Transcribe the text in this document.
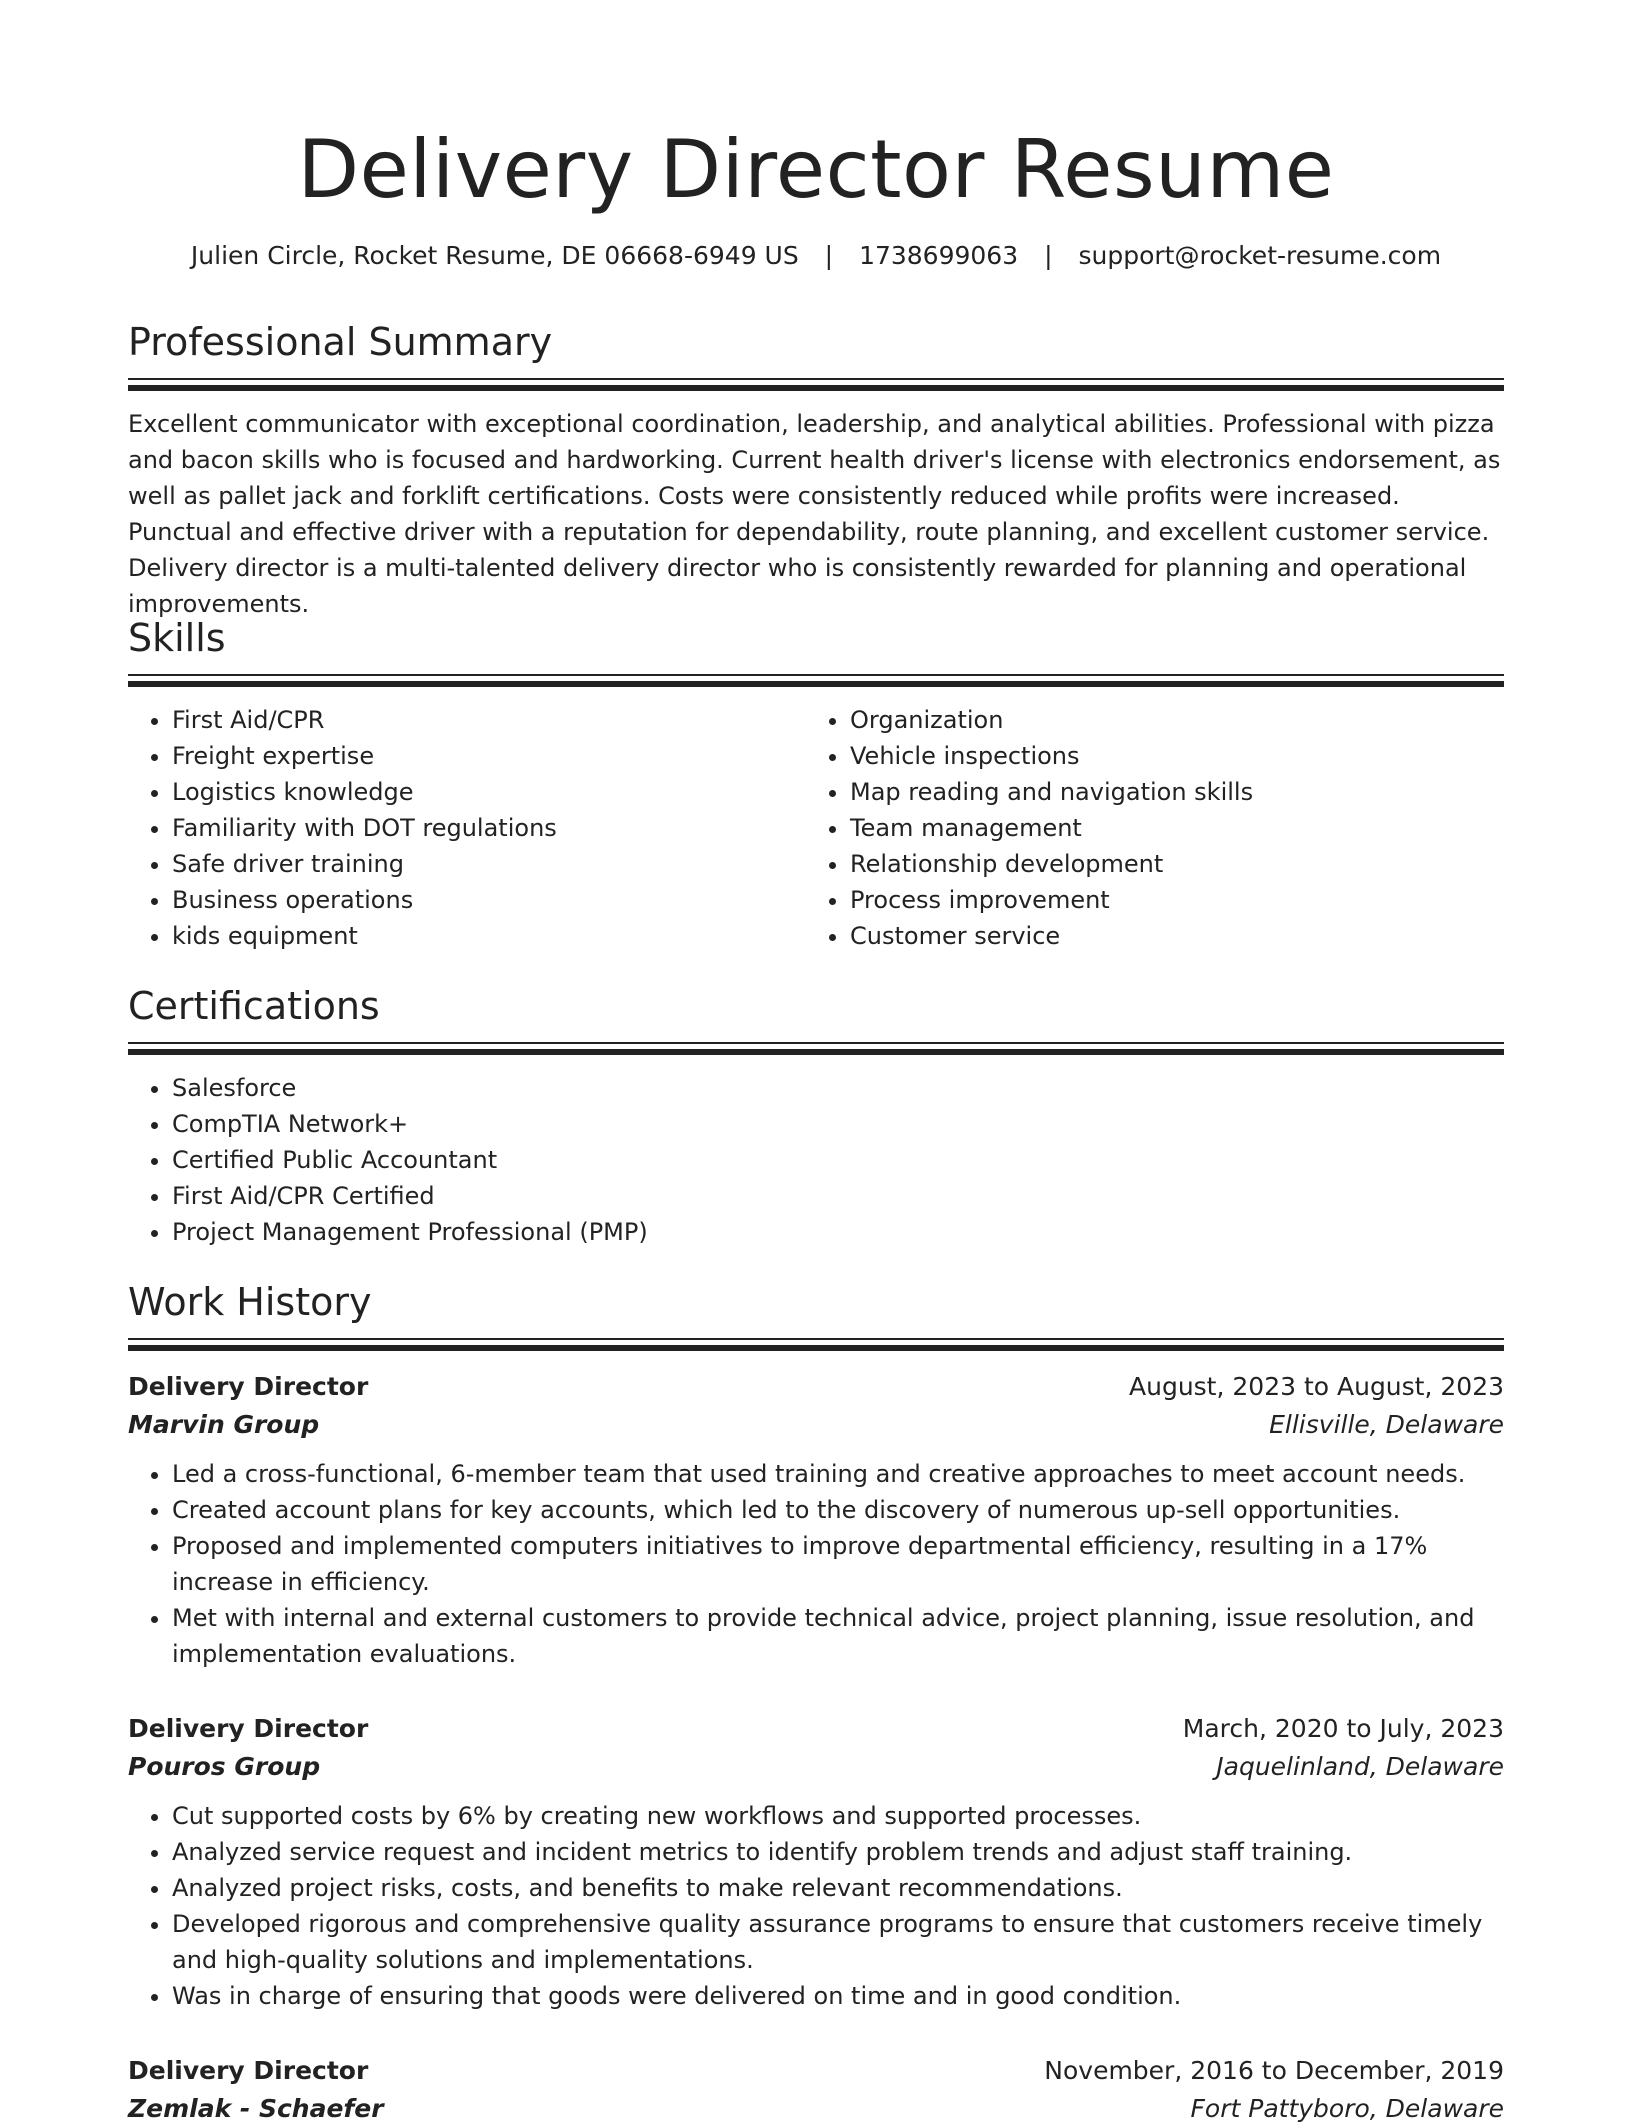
Delivery Director Resume
Julien Circle, Rocket Resume, DE 06668-6949 US | 1738699063 | support@rocket-resume.com
Professional Summary

Excellent communicator with exceptional coordination, leadership, and analytical abilities. Professional with pizza and bacon skills who is focused and hardworking. Current health driver's license with electronics endorsement, as well as pallet jack and forklift certifications. Costs were consistently reduced while profits were increased. Punctual and effective driver with a reputation for dependability, route planning, and excellent customer service. Delivery director is a multi-talented delivery director who is consistently rewarded for planning and operational improvements.

Skills
• First Aid/CPR
• Freight expertise
• Logistics knowledge
• Familiarity with DOT regulations
• Safe driver training
• Business operations
• kids equipment
• Organization
• Vehicle inspections
• Map reading and navigation skills
• Team management
• Relationship development
• Process improvement
• Customer service
Certifications
• Salesforce
• CompTIA Network+
• Certified Public Accountant
• First Aid/CPR Certified
• Project Management Professional (PMP)
Work History
Delivery Director	August, 2023 to August, 2023
Marvin Group	Ellisville, Delaware
• Led a cross-functional, 6-member team that used training and creative approaches to meet account needs.
• Created account plans for key accounts, which led to the discovery of numerous up-sell opportunities.
• Proposed and implemented computers initiatives to improve departmental efficiency, resulting in a 17% increase in efficiency.
• Met with internal and external customers to provide technical advice, project planning, issue resolution, and implementation evaluations.
Delivery Director	March, 2020 to July, 2023
Pouros Group	Jaquelinland, Delaware
• Cut supported costs by 6% by creating new workflows and supported processes.
• Analyzed service request and incident metrics to identify problem trends and adjust staff training.
• Analyzed project risks, costs, and benefits to make relevant recommendations.
• Developed rigorous and comprehensive quality assurance programs to ensure that customers receive timely and high-quality solutions and implementations.
• Was in charge of ensuring that goods were delivered on time and in good condition.
Delivery Director	November, 2016 to December, 2019
Zemlak - Schaefer	Fort Pattyboro, Delaware
